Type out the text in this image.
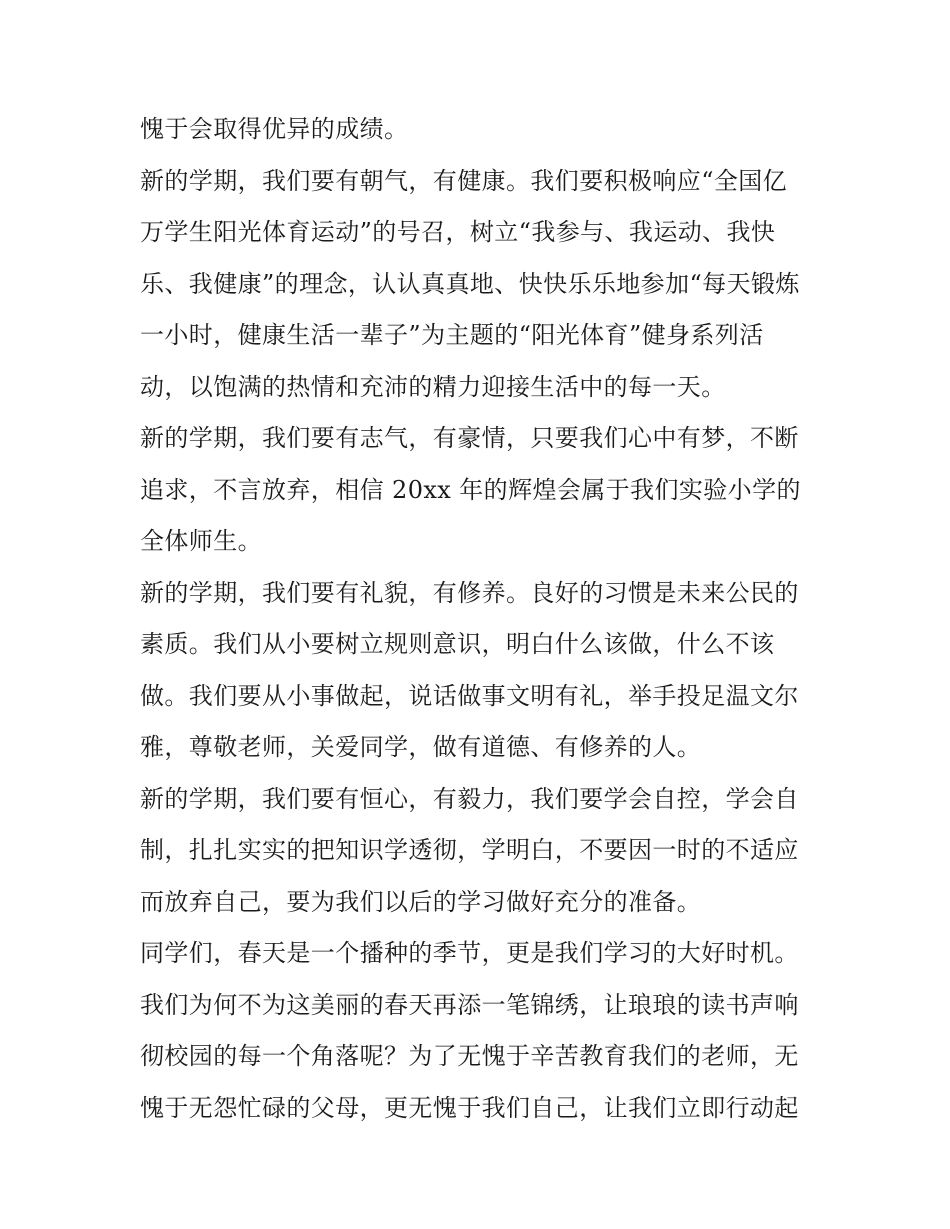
愧于会取得优异的成绩。
新的学期，我们要有朝气，有健康。我们要积极响应“全国亿
万学生阳光体育运动”的号召，树立“我参与、我运动、我快
乐、我健康”的理念，认认真真地、快快乐乐地参加“每天锻炼
一小时，健康生活一辈子”为主题的“阳光体育”健身系列活
动，以饱满的热情和充沛的精力迎接生活中的每一天。
新的学期，我们要有志气，有豪情，只要我们心中有梦，不断
追求，不言放弃，相信 20xx 年的辉煌会属于我们实验小学的
全体师生。
新的学期，我们要有礼貌，有修养。良好的习惯是未来公民的
素质。我们从小要树立规则意识，明白什么该做，什么不该
做。我们要从小事做起，说话做事文明有礼，举手投足温文尔
雅，尊敬老师，关爱同学，做有道德、有修养的人。
新的学期，我们要有恒心，有毅力，我们要学会自控，学会自
制，扎扎实实的把知识学透彻，学明白，不要因一时的不适应
而放弃自己，要为我们以后的学习做好充分的准备。
同学们，春天是一个播种的季节，更是我们学习的大好时机。
我们为何不为这美丽的春天再添一笔锦绣，让琅琅的读书声响
彻校园的每一个角落呢？为了无愧于辛苦教育我们的老师，无
愧于无怨忙碌的父母，更无愧于我们自己，让我们立即行动起
